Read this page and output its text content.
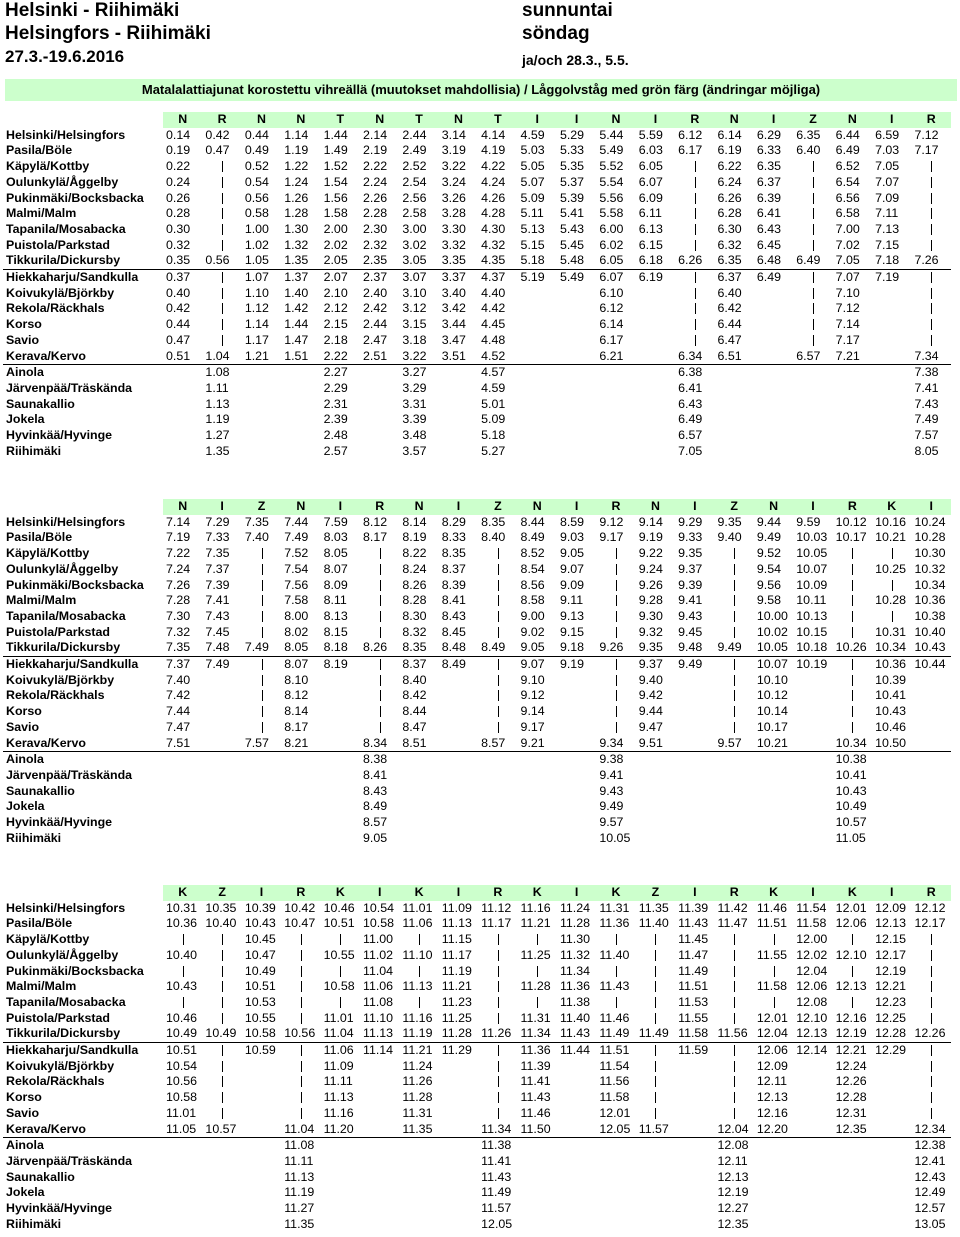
Helsinki - Riihimäki
Helsingfors - Riihimäki
27.3.-19.6.2016
sunnuntai
söndag
ja/och 28.3., 5.5.
Matalalattiajunat korostettu vihreällä (muutokset mahdollisia) / Låggolvståg med grön färg (ändringar möjliga)
	N	R	N	N	T	N	T	N	T	I	I	N	I	R	N	I	Z	N	I	R
Helsinki/Helsingfors	0.14	0.42	0.44	1.14	1.44	2.14	2.44	3.14	4.14	4.59	5.29	5.44	5.59	6.12	6.14	6.29	6.35	6.44	6.59	7.12
Pasila/Böle	0.19	0.47	0.49	1.19	1.49	2.19	2.49	3.19	4.19	5.03	5.33	5.49	6.03	6.17	6.19	6.33	6.40	6.49	7.03	7.17
Käpylä/Kottby	0.22		0.52	1.22	1.52	2.22	2.52	3.22	4.22	5.05	5.35	5.52	6.05		6.22	6.35		6.52	7.05	
Oulunkylä/Åggelby	0.24		0.54	1.24	1.54	2.24	2.54	3.24	4.24	5.07	5.37	5.54	6.07		6.24	6.37		6.54	7.07	
Pukinmäki/Bocksbacka	0.26		0.56	1.26	1.56	2.26	2.56	3.26	4.26	5.09	5.39	5.56	6.09		6.26	6.39		6.56	7.09	
Malmi/Malm	0.28		0.58	1.28	1.58	2.28	2.58	3.28	4.28	5.11	5.41	5.58	6.11		6.28	6.41		6.58	7.11	
Tapanila/Mosabacka	0.30		1.00	1.30	2.00	2.30	3.00	3.30	4.30	5.13	5.43	6.00	6.13		6.30	6.43		7.00	7.13	
Puistola/Parkstad	0.32		1.02	1.32	2.02	2.32	3.02	3.32	4.32	5.15	5.45	6.02	6.15		6.32	6.45		7.02	7.15	
Tikkurila/Dickursby	0.35	0.56	1.05	1.35	2.05	2.35	3.05	3.35	4.35	5.18	5.48	6.05	6.18	6.26	6.35	6.48	6.49	7.05	7.18	7.26
Hiekkaharju/Sandkulla	0.37		1.07	1.37	2.07	2.37	3.07	3.37	4.37	5.19	5.49	6.07	6.19		6.37	6.49		7.07	7.19	
Koivukylä/Björkby	0.40		1.10	1.40	2.10	2.40	3.10	3.40	4.40			6.10			6.40			7.10		
Rekola/Räckhals	0.42		1.12	1.42	2.12	2.42	3.12	3.42	4.42			6.12			6.42			7.12		
Korso	0.44		1.14	1.44	2.15	2.44	3.15	3.44	4.45			6.14			6.44			7.14		
Savio	0.47		1.17	1.47	2.18	2.47	3.18	3.47	4.48			6.17			6.47			7.17		
Kerava/Kervo	0.51	1.04	1.21	1.51	2.22	2.51	3.22	3.51	4.52			6.21		6.34	6.51		6.57	7.21		7.34
Ainola		1.08			2.27		3.27		4.57					6.38						7.38
Järvenpää/Träskända		1.11			2.29		3.29		4.59					6.41						7.41
Saunakallio		1.13			2.31		3.31		5.01					6.43						7.43
Jokela		1.19			2.39		3.39		5.09					6.49						7.49
Hyvinkää/Hyvinge		1.27			2.48		3.48		5.18					6.57						7.57
Riihimäki		1.35			2.57		3.57		5.27					7.05						8.05
	N	I	Z	N	I	R	N	I	Z	N	I	R	N	I	Z	N	I	R	K	I
Helsinki/Helsingfors	7.14	7.29	7.35	7.44	7.59	8.12	8.14	8.29	8.35	8.44	8.59	9.12	9.14	9.29	9.35	9.44	9.59	10.12	10.16	10.24
Pasila/Böle	7.19	7.33	7.40	7.49	8.03	8.17	8.19	8.33	8.40	8.49	9.03	9.17	9.19	9.33	9.40	9.49	10.03	10.17	10.21	10.28
Käpylä/Kottby	7.22	7.35		7.52	8.05		8.22	8.35		8.52	9.05		9.22	9.35		9.52	10.05			10.30
Oulunkylä/Åggelby	7.24	7.37		7.54	8.07		8.24	8.37		8.54	9.07		9.24	9.37		9.54	10.07		10.25	10.32
Pukinmäki/Bocksbacka	7.26	7.39		7.56	8.09		8.26	8.39		8.56	9.09		9.26	9.39		9.56	10.09			10.34
Malmi/Malm	7.28	7.41		7.58	8.11		8.28	8.41		8.58	9.11		9.28	9.41		9.58	10.11		10.28	10.36
Tapanila/Mosabacka	7.30	7.43		8.00	8.13		8.30	8.43		9.00	9.13		9.30	9.43		10.00	10.13			10.38
Puistola/Parkstad	7.32	7.45		8.02	8.15		8.32	8.45		9.02	9.15		9.32	9.45		10.02	10.15		10.31	10.40
Tikkurila/Dickursby	7.35	7.48	7.49	8.05	8.18	8.26	8.35	8.48	8.49	9.05	9.18	9.26	9.35	9.48	9.49	10.05	10.18	10.26	10.34	10.43
Hiekkaharju/Sandkulla	7.37	7.49		8.07	8.19		8.37	8.49		9.07	9.19		9.37	9.49		10.07	10.19		10.36	10.44
Koivukylä/Björkby	7.40			8.10			8.40			9.10			9.40			10.10			10.39	
Rekola/Räckhals	7.42			8.12			8.42			9.12			9.42			10.12			10.41	
Korso	7.44			8.14			8.44			9.14			9.44			10.14			10.43	
Savio	7.47			8.17			8.47			9.17			9.47			10.17			10.46	
Kerava/Kervo	7.51		7.57	8.21		8.34	8.51		8.57	9.21		9.34	9.51		9.57	10.21		10.34	10.50	
Ainola						8.38						9.38						10.38		
Järvenpää/Träskända						8.41						9.41						10.41		
Saunakallio						8.43						9.43						10.43		
Jokela						8.49						9.49						10.49		
Hyvinkää/Hyvinge						8.57						9.57						10.57		
Riihimäki						9.05						10.05						11.05		
	K	Z	I	R	K	I	K	I	R	K	I	K	Z	I	R	K	I	K	I	R
Helsinki/Helsingfors	10.31	10.35	10.39	10.42	10.46	10.54	11.01	11.09	11.12	11.16	11.24	11.31	11.35	11.39	11.42	11.46	11.54	12.01	12.09	12.12
Pasila/Böle	10.36	10.40	10.43	10.47	10.51	10.58	11.06	11.13	11.17	11.21	11.28	11.36	11.40	11.43	11.47	11.51	11.58	12.06	12.13	12.17
Käpylä/Kottby			10.45			11.00		11.15			11.30			11.45			12.00		12.15	
Oulunkylä/Åggelby	10.40		10.47		10.55	11.02	11.10	11.17		11.25	11.32	11.40		11.47		11.55	12.02	12.10	12.17	
Pukinmäki/Bocksbacka			10.49			11.04		11.19			11.34			11.49			12.04		12.19	
Malmi/Malm	10.43		10.51		10.58	11.06	11.13	11.21		11.28	11.36	11.43		11.51		11.58	12.06	12.13	12.21	
Tapanila/Mosabacka			10.53			11.08		11.23			11.38			11.53			12.08		12.23	
Puistola/Parkstad	10.46		10.55		11.01	11.10	11.16	11.25		11.31	11.40	11.46		11.55		12.01	12.10	12.16	12.25	
Tikkurila/Dickursby	10.49	10.49	10.58	10.56	11.04	11.13	11.19	11.28	11.26	11.34	11.43	11.49	11.49	11.58	11.56	12.04	12.13	12.19	12.28	12.26
Hiekkaharju/Sandkulla	10.51		10.59		11.06	11.14	11.21	11.29		11.36	11.44	11.51		11.59		12.06	12.14	12.21	12.29	
Koivukylä/Björkby	10.54				11.09		11.24			11.39		11.54				12.09		12.24		
Rekola/Räckhals	10.56				11.11		11.26			11.41		11.56				12.11		12.26		
Korso	10.58				11.13		11.28			11.43		11.58				12.13		12.28		
Savio	11.01				11.16		11.31			11.46		12.01				12.16		12.31		
Kerava/Kervo	11.05	10.57		11.04	11.20		11.35		11.34	11.50		12.05	11.57		12.04	12.20		12.35		12.34
Ainola				11.08					11.38						12.08					12.38
Järvenpää/Träskända				11.11					11.41						12.11					12.41
Saunakallio				11.13					11.43						12.13					12.43
Jokela				11.19					11.49						12.19					12.49
Hyvinkää/Hyvinge				11.27					11.57						12.27					12.57
Riihimäki				11.35					12.05						12.35					13.05
